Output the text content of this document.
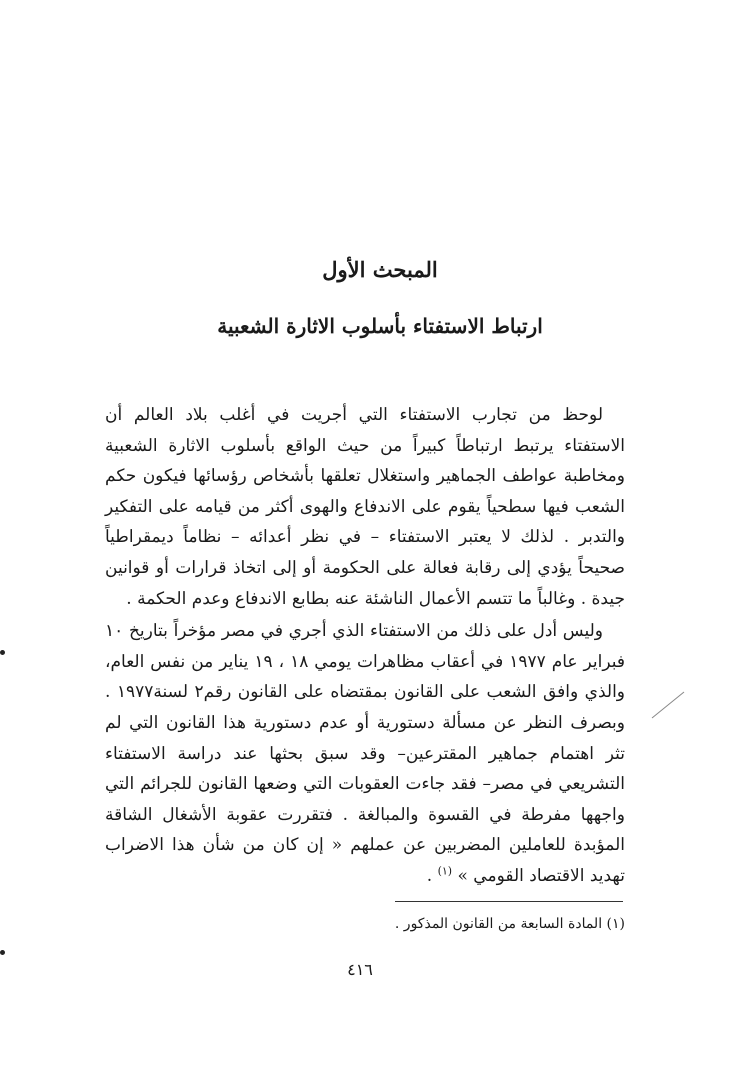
المبحث الأول
ارتباط الاستفتاء بأسلوب الاثارة الشعبية

لوحظ من تجارب الاستفتاء التي أجريت في أغلب بلاد العالم أن الاستفتاء يرتبط ارتباطاً كبيراً من حيث الواقع بأسلوب الاثارة الشعبية ومخاطبة عواطف الجماهير واستغلال تعلقها بأشخاص رؤسائها فيكون حكم الشعب فيها سطحياً يقوم على الاندفاع والهوى أكثر من قيامه على التفكير والتدبر . لذلك لا يعتبر الاستفتاء – في نظر أعدائه – نظاماً ديمقراطياً صحيحاً يؤدي إلى رقابة فعالة على الحكومة أو إلى اتخاذ قرارات أو قوانين جيدة . وغالباً ما تتسم الأعمال الناشئة عنه بطابع الاندفاع وعدم الحكمة .

وليس أدل على ذلك من الاستفتاء الذي أجري في مصر مؤخراً بتاريخ ١٠ فبراير عام ١٩٧٧ في أعقاب مظاهرات يومي ١٨ ، ١٩ يناير من نفس العام، والذي وافق الشعب على القانون بمقتضاه على القانون رقم٢ لسنة١٩٧٧ . وبصرف النظر عن مسألة دستورية أو عدم دستورية هذا القانون التي لم تثر اهتمام جماهير المقترعين– وقد سبق بحثها عند دراسة الاستفتاء التشريعي في مصر– فقد جاءت العقوبات التي وضعها القانون للجرائم التي واجهها مفرطة في القسوة والمبالغة . فتقررت عقوبة الأشغال الشاقة المؤبدة للعاملين المضربين عن عملهم « إن كان من شأن هذا الاضراب تهديد الاقتصاد القومي » $^{(١)}$ .

(١) المادة السابعة من القانون المذكور .
٤١٦
